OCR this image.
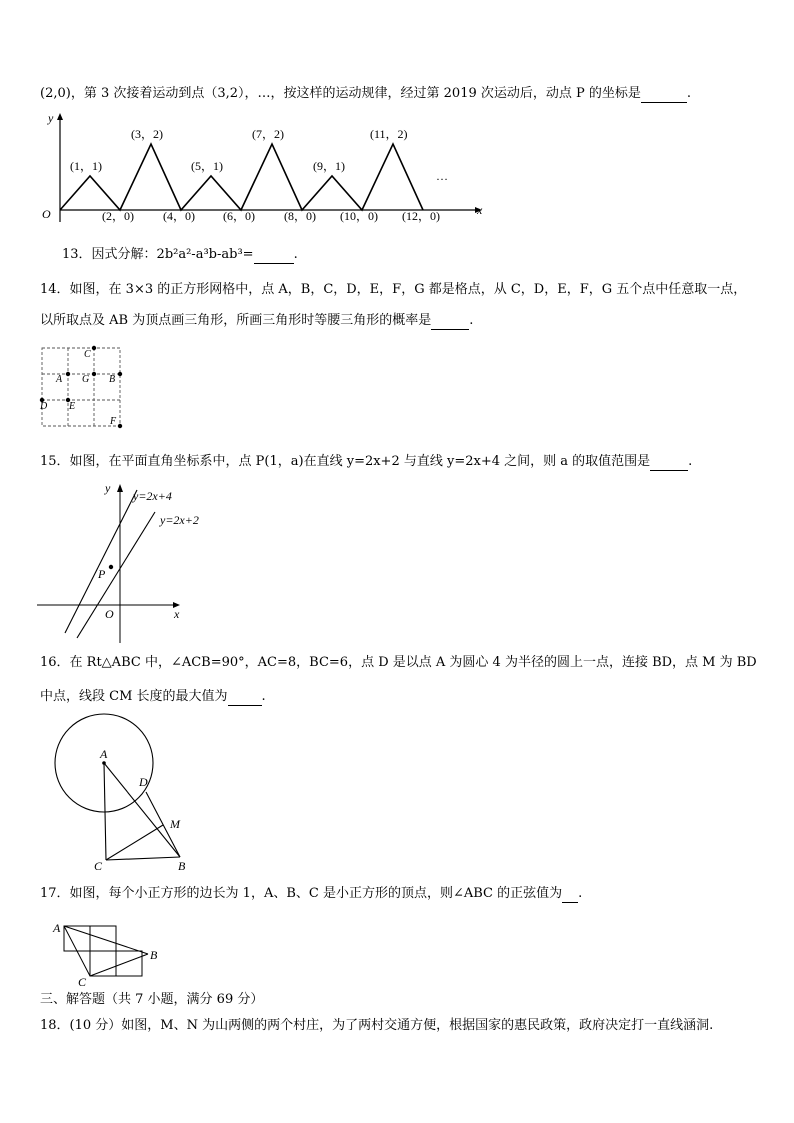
(2,0)，第 3 次接着运动到点（3,2），…，按这样的运动规律，经过第 2019 次运动后，动点 P 的坐标是	.
y
x
O
(1，1)
(3，2)
(5，1)
(7，2)
(9，1)
(11，2)
(2，0) (4，0) (6，0) (8，0) (10，0) (12，0)
…
13．因式分解：2b²a²-a³b-ab³=	.
14．如图，在 3×3 的正方形网格中，点 A，B，C，D，E，F，G 都是格点，从 C，D，E，F，G 五个点中任意取一点，
以所取点及 AB 为顶点画三角形，所画三角形时等腰三角形的概率是	.
C
A G B
D E
F
15．如图，在平面直角坐标系中，点 P(1，a)在直线 y=2x+2 与直线 y=2x+4 之间，则 a 的取值范围是	.
y
x
O
P
y=2x+4
y=2x+2
16．在 Rt△ABC 中，∠ACB=90°，AC=8，BC=6，点 D 是以点 A 为圆心 4 为半径的圆上一点，连接 BD，点 M 为 BD
中点，线段 CM 长度的最大值为	.
A
D
M
C	B
17．如图，每个小正方形的边长为 1，A、B、C 是小正方形的顶点，则∠ABC 的正弦值为 .
A
B
C
三、解答题（共 7 小题，满分 69 分）
18．(10 分）如图，M、N 为山两侧的两个村庄，为了两村交通方便，根据国家的惠民政策，政府决定打一直线涵洞.
